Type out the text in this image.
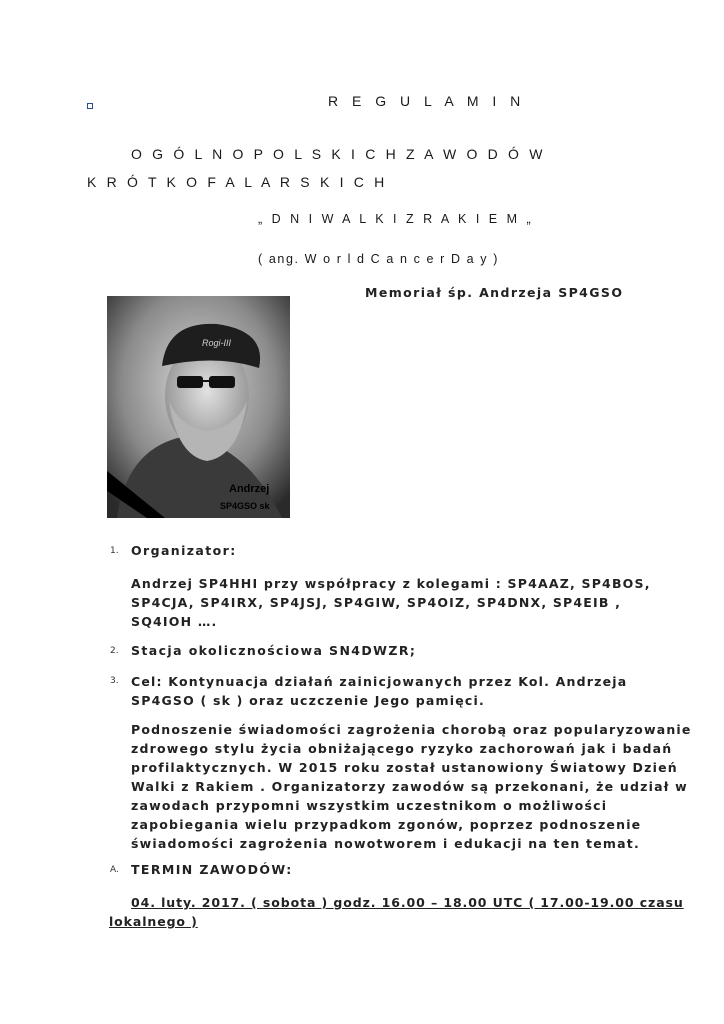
R E G U L A M I N
O G Ó L N O P O L S K I C H Z A W O D Ó W
K R Ó T K O F A L A R S K I C H
„ D N I W A L K I Z R A K I E M „
( ang. W o r l d C a n c e r D a y )
Memoriał śp. Andrzeja SP4GSO
Rogi-III
Andrzej
SP4GSO sk
1. Organizator:
Andrzej SP4HHI przy współpracy z kolegami : SP4AAZ, SP4BOS,
SP4CJA, SP4IRX, SP4JSJ, SP4GIW, SP4OIZ, SP4DNX, SP4EIB ,
SQ4IOH ….
2. Stacja okolicznościowa SN4DWZR;
3. Cel: Kontynuacja działań zainicjowanych przez Kol. Andrzeja
SP4GSO ( sk ) oraz uczczenie Jego pamięci.
Podnoszenie świadomości zagrożenia chorobą oraz popularyzowanie
zdrowego stylu życia obniżającego ryzyko zachorowań jak i badań
profilaktycznych. W 2015 roku został ustanowiony Światowy Dzień
Walki z Rakiem . Organizatorzy zawodów są przekonani, że udział w
zawodach przypomni wszystkim uczestnikom o możliwości
zapobiegania wielu przypadkom zgonów, poprzez podnoszenie
świadomości zagrożenia nowotworem i edukacji na ten temat.
A. TERMIN ZAWODÓW:
04. luty. 2017. ( sobota ) godz. 16.00 – 18.00 UTC ( 17.00-19.00 czasu
lokalnego )
